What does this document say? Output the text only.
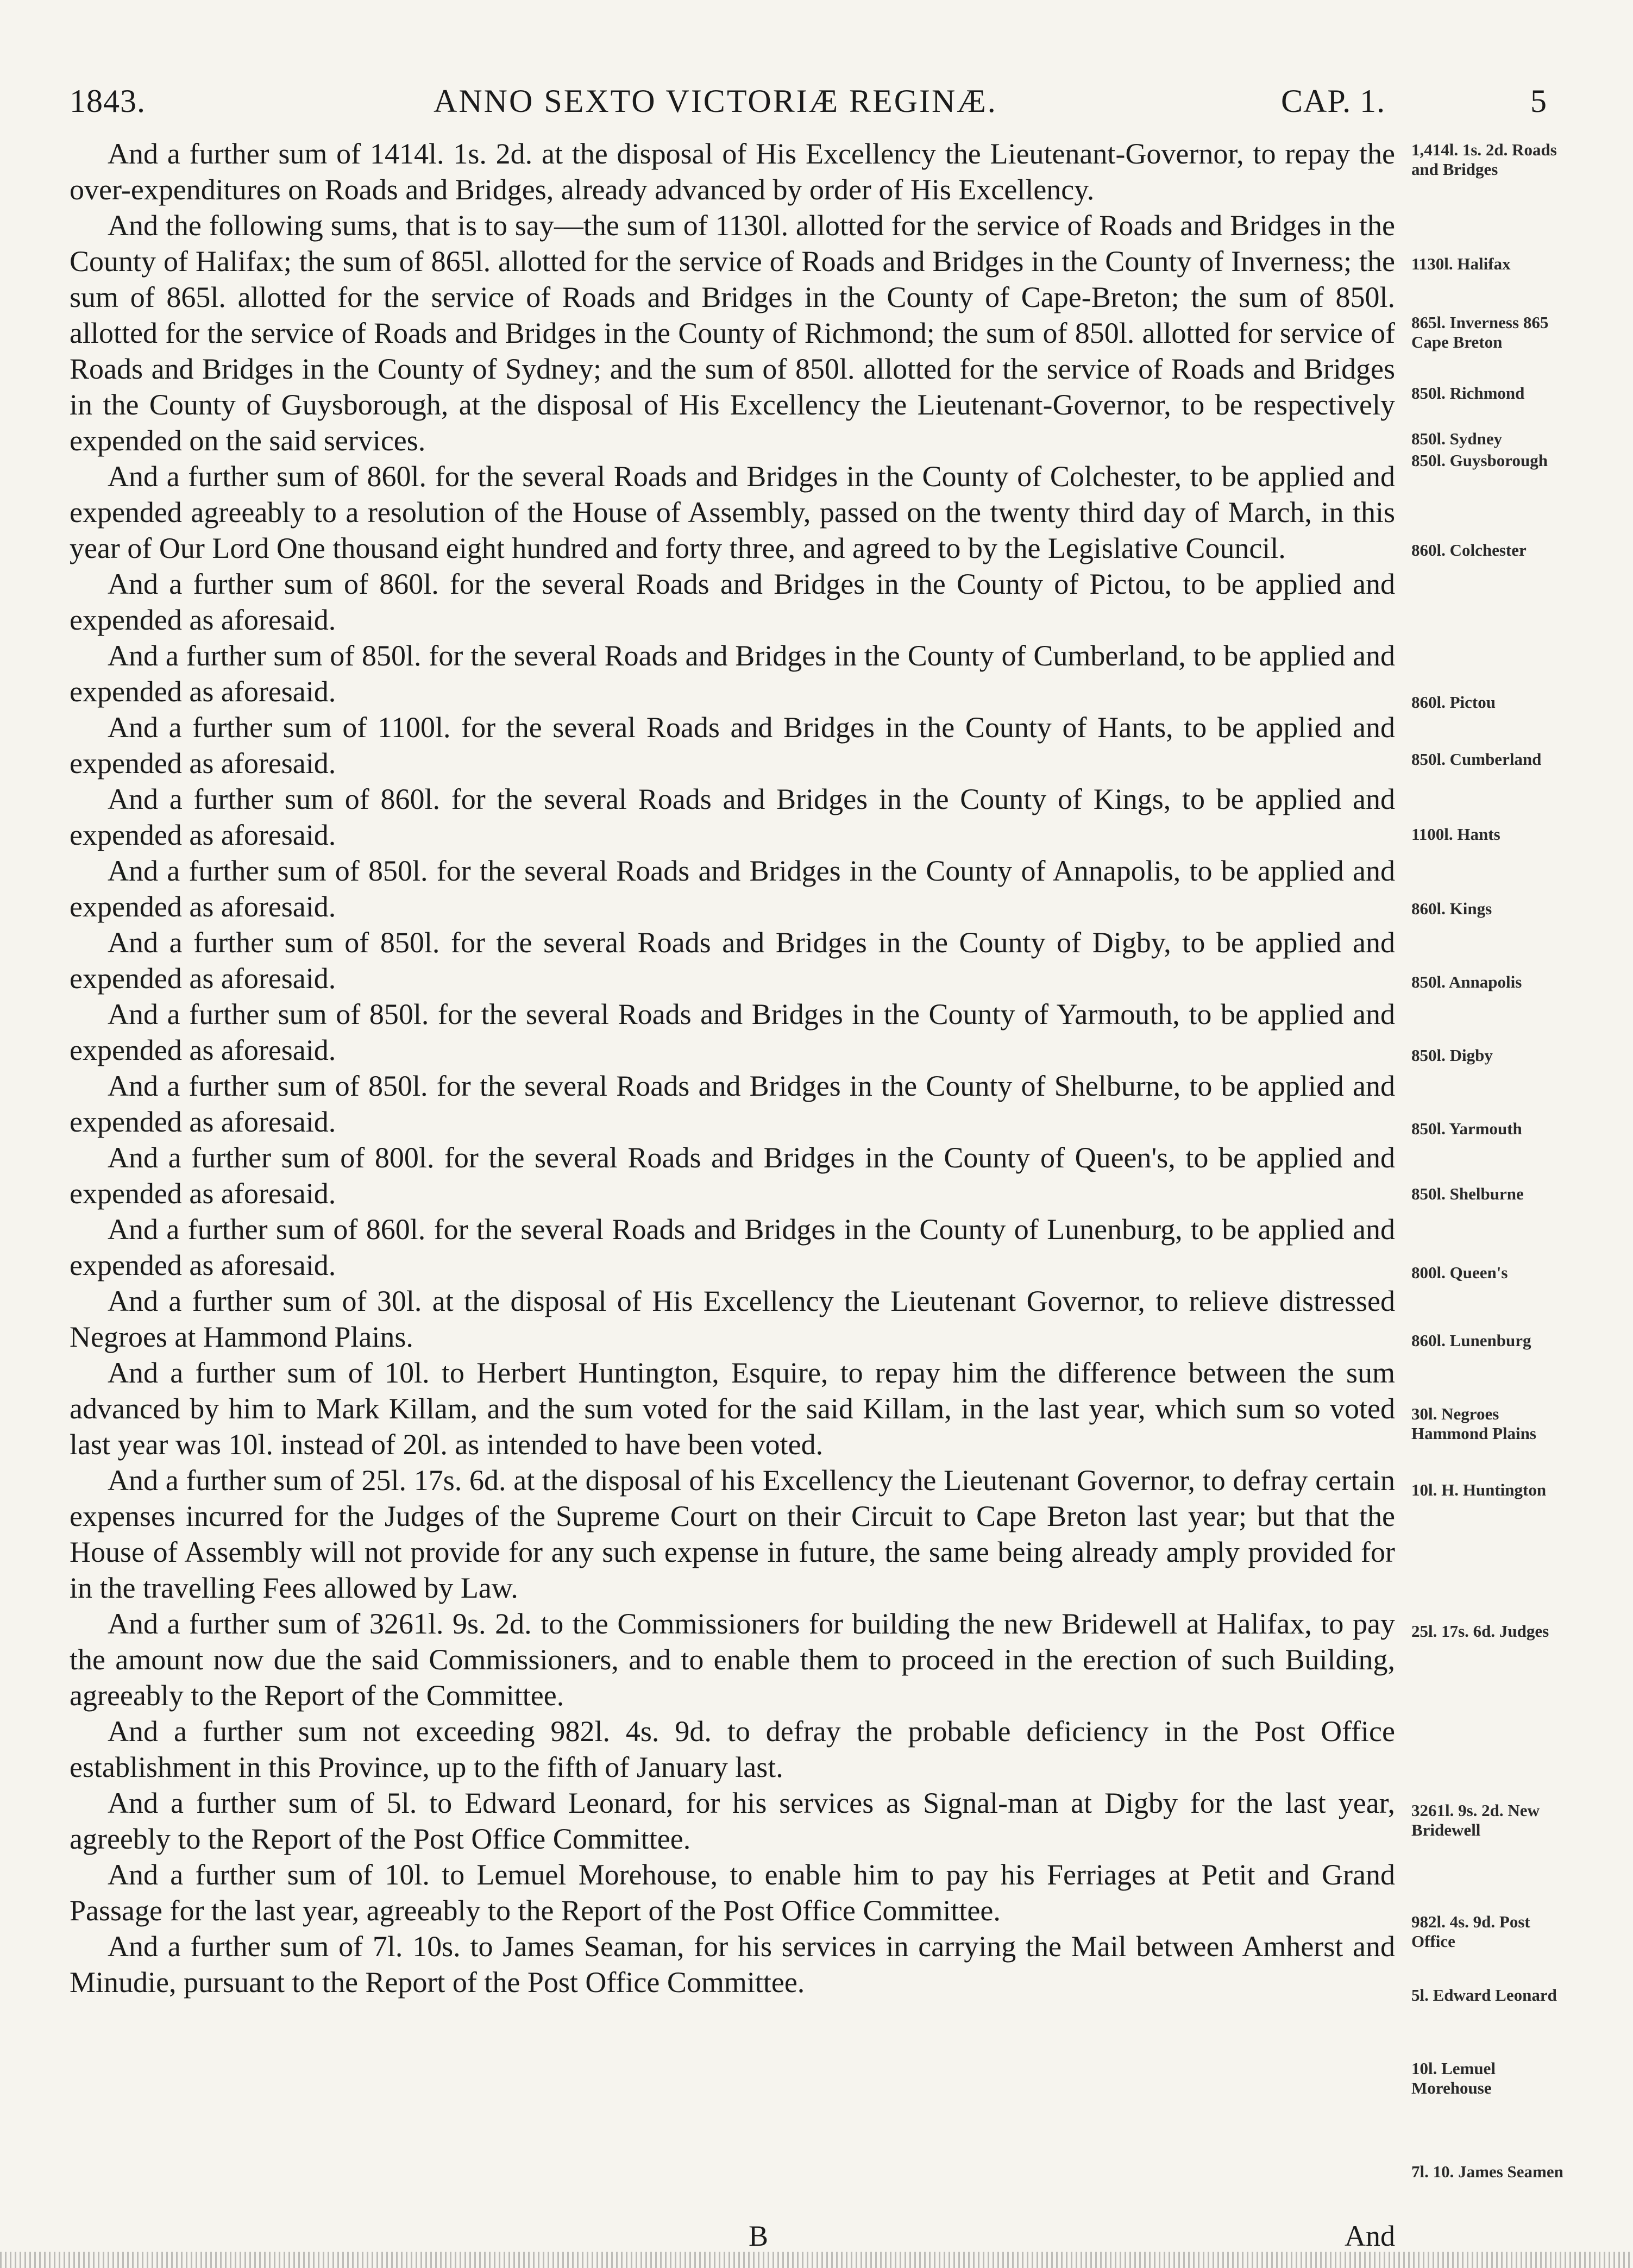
1843.	ANNO SEXTO VICTORIÆ REGINÆ.	CAP. 1.	5

And a further sum of 1414l. 1s. 2d. at the disposal of His Excellency the Lieutenant-Governor, to repay the over-expenditures on Roads and Bridges, already advanced by order of His Excellency.

And the following sums, that is to say—the sum of 1130l. allotted for the service of Roads and Bridges in the County of Halifax; the sum of 865l. allotted for the service of Roads and Bridges in the County of Inverness; the sum of 865l. allotted for the service of Roads and Bridges in the County of Cape-Breton; the sum of 850l. allotted for the service of Roads and Bridges in the County of Richmond; the sum of 850l. allotted for service of Roads and Bridges in the County of Sydney; and the sum of 850l. allotted for the service of Roads and Bridges in the County of Guysborough, at the disposal of His Excellency the Lieutenant-Governor, to be respectively expended on the said services.

And a further sum of 860l. for the several Roads and Bridges in the County of Colchester, to be applied and expended agreeably to a resolution of the House of Assembly, passed on the twenty third day of March, in this year of Our Lord One thousand eight hundred and forty three, and agreed to by the Legislative Council.

And a further sum of 860l. for the several Roads and Bridges in the County of Pictou, to be applied and expended as aforesaid.

And a further sum of 850l. for the several Roads and Bridges in the County of Cumberland, to be applied and expended as aforesaid.

And a further sum of 1100l. for the several Roads and Bridges in the County of Hants, to be applied and expended as aforesaid.

And a further sum of 860l. for the several Roads and Bridges in the County of Kings, to be applied and expended as aforesaid.

And a further sum of 850l. for the several Roads and Bridges in the County of Annapolis, to be applied and expended as aforesaid.

And a further sum of 850l. for the several Roads and Bridges in the County of Digby, to be applied and expended as aforesaid.

And a further sum of 850l. for the several Roads and Bridges in the County of Yarmouth, to be applied and expended as aforesaid.

And a further sum of 850l. for the several Roads and Bridges in the County of Shelburne, to be applied and expended as aforesaid.

And a further sum of 800l. for the several Roads and Bridges in the County of Queen's, to be applied and expended as aforesaid.

And a further sum of 860l. for the several Roads and Bridges in the County of Lunenburg, to be applied and expended as aforesaid.

And a further sum of 30l. at the disposal of His Excellency the Lieutenant Governor, to relieve distressed Negroes at Hammond Plains.

And a further sum of 10l. to Herbert Huntington, Esquire, to repay him the difference between the sum advanced by him to Mark Killam, and the sum voted for the said Killam, in the last year, which sum so voted last year was 10l. instead of 20l. as intended to have been voted.

And a further sum of 25l. 17s. 6d. at the disposal of his Excellency the Lieutenant Governor, to defray certain expenses incurred for the Judges of the Supreme Court on their Circuit to Cape Breton last year; but that the House of Assembly will not provide for any such expense in future, the same being already amply provided for in the travelling Fees allowed by Law.

And a further sum of 3261l. 9s. 2d. to the Commissioners for building the new Bridewell at Halifax, to pay the amount now due the said Commissioners, and to enable them to proceed in the erection of such Building, agreeably to the Report of the Committee.

And a further sum not exceeding 982l. 4s. 9d. to defray the probable deficiency in the Post Office establishment in this Province, up to the fifth of January last.

And a further sum of 5l. to Edward Leonard, for his services as Signal-man at Digby for the last year, agreebly to the Report of the Post Office Committee.

And a further sum of 10l. to Lemuel Morehouse, to enable him to pay his Ferriages at Petit and Grand Passage for the last year, agreeably to the Report of the Post Office Committee.

And a further sum of 7l. 10s. to James Seaman, for his services in carrying the Mail between Amherst and Minudie, pursuant to the Report of the Post Office Committee.

1,414l. 1s. 2d. Roads and Bridges
1130l. Halifax
865l. Inverness 865 Cape Breton
850l. Richmond
850l. Sydney
850l. Guysborough
860l. Colchester
860l. Pictou
850l. Cumberland
1100l. Hants
860l. Kings
850l. Annapolis
850l. Digby
850l. Yarmouth
850l. Shelburne
800l. Queen's
860l. Lunenburg
30l. Negroes Hammond Plains
10l. H. Huntington
25l. 17s. 6d. Judges
3261l. 9s. 2d. New Bridewell
982l. 4s. 9d. Post Office
5l. Edward Leonard
10l. Lemuel Morehouse
7l. 10. James Seamen
B	And
